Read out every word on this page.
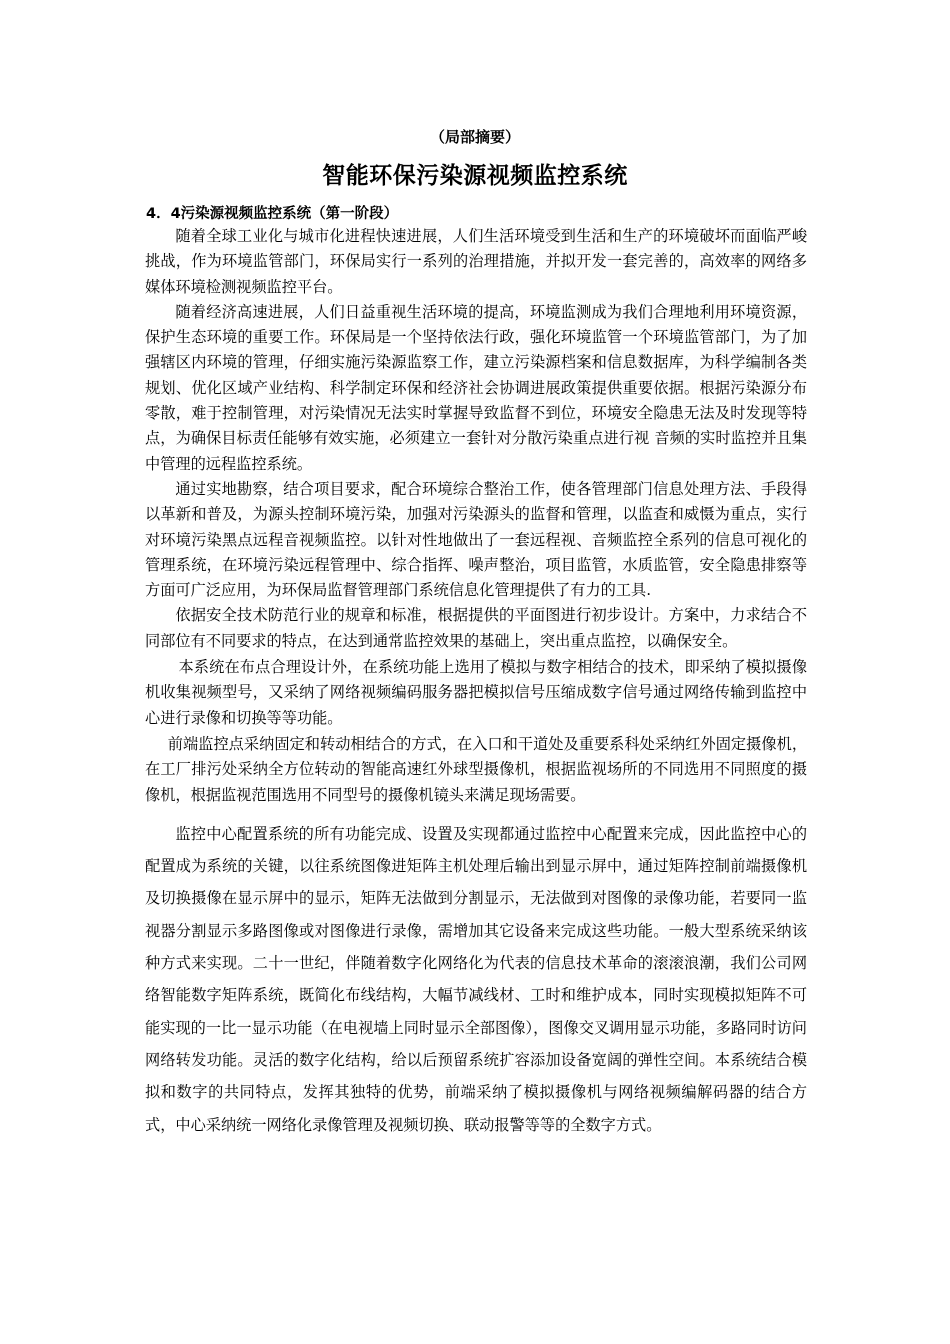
（局部摘要）
智能环保污染源视频监控系统
4．4污染源视频监控系统（第一阶段）

随着全球工业化与城市化进程快速进展，人们生活环境受到生活和生产的环境破坏而面临严峻挑战，作为环境监管部门，环保局实行一系列的治理措施，并拟开发一套完善的，高效率的网络多媒体环境检测视频监控平台。

随着经济高速进展，人们日益重视生活环境的提高，环境监测成为我们合理地利用环境资源，保护生态环境的重要工作。环保局是一个坚持依法行政，强化环境监管一个环境监管部门，为了加强辖区内环境的管理，仔细实施污染源监察工作，建立污染源档案和信息数据库，为科学编制各类规划、优化区域产业结构、科学制定环保和经济社会协调进展政策提供重要依据。根据污染源分布零散，难于控制管理，对污染情况无法实时掌握导致监督不到位，环境安全隐患无法及时发现等特点，为确保目标责任能够有效实施，必须建立一套针对分散污染重点进行视 音频的实时监控并且集中管理的远程监控系统。

通过实地勘察，结合项目要求，配合环境综合整治工作，使各管理部门信息处理方法、手段得以革新和普及，为源头控制环境污染，加强对污染源头的监督和管理，以监查和威慑为重点，实行对环境污染黑点远程音视频监控。以针对性地做出了一套远程视、音频监控全系列的信息可视化的管理系统，在环境污染远程管理中、综合指挥、噪声整治，项目监管，水质监管，安全隐患排察等方面可广泛应用，为环保局监督管理部门系统信息化管理提供了有力的工具.

依据安全技术防范行业的规章和标准，根据提供的平面图进行初步设计。方案中，力求结合不同部位有不同要求的特点，在达到通常监控效果的基础上，突出重点监控，以确保安全。

本系统在布点合理设计外，在系统功能上选用了模拟与数字相结合的技术，即采纳了模拟摄像机收集视频型号，又采纳了网络视频编码服务器把模拟信号压缩成数字信号通过网络传输到监控中心进行录像和切换等等功能。

前端监控点采纳固定和转动相结合的方式，在入口和干道处及重要系科处采纳红外固定摄像机，在工厂排污处采纳全方位转动的智能高速红外球型摄像机，根据监视场所的不同选用不同照度的摄像机，根据监视范围选用不同型号的摄像机镜头来满足现场需要。

监控中心配置系统的所有功能完成、设置及实现都通过监控中心配置来完成，因此监控中心的配置成为系统的关键，以往系统图像进矩阵主机处理后输出到显示屏中，通过矩阵控制前端摄像机及切换摄像在显示屏中的显示，矩阵无法做到分割显示，无法做到对图像的录像功能，若要同一监视器分割显示多路图像或对图像进行录像，需增加其它设备来完成这些功能。一般大型系统采纳该种方式来实现。二十一世纪，伴随着数字化网络化为代表的信息技术革命的滚滚浪潮，我们公司网络智能数字矩阵系统，既简化布线结构，大幅节减线材、工时和维护成本，同时实现模拟矩阵不可能实现的一比一显示功能（在电视墙上同时显示全部图像），图像交叉调用显示功能，多路同时访问网络转发功能。灵活的数字化结构，给以后预留系统扩容添加设备宽阔的弹性空间。本系统结合模拟和数字的共同特点，发挥其独特的优势，前端采纳了模拟摄像机与网络视频编解码器的结合方式，中心采纳统一网络化录像管理及视频切换、联动报警等等的全数字方式。
